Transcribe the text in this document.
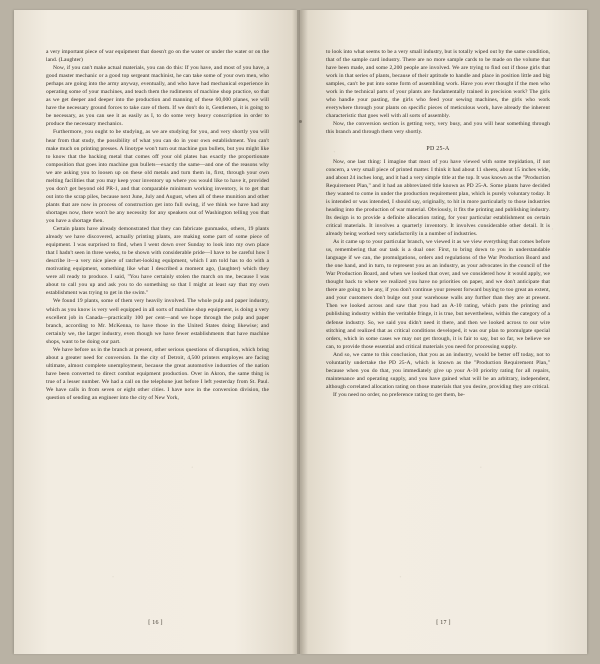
a very important piece of war equipment that doesn't go on the water or under the water or on the land. (Laughter)

Now, if you can't make actual materials, you can do this: If you have, and most of you have, a good master mechanic or a good top sergeant machinist, he can take some of your own men, who perhaps are going into the army anyway, eventually, and who have had mechanical experience in operating some of your machines, and teach them the rudiments of machine shop practice, so that as we get deeper and deeper into the production and manning of these 60,000 planes, we will have the necessary ground forces to take care of them. If we don't do it, Gentlemen, it is going to be necessary, as you can see it as easily as I, to do some very heavy conscription in order to produce the necessary mechanics.

Furthermore, you ought to be studying, as we are studying for you, and very shortly you will hear from that study, the possibility of what you can do in your own establishment. You can't make much on printing presses. A linotype won't turn out machine gun bullets, but you might like to know that the backing metal that comes off your old plates has exactly the proportionate composition that goes into machine gun bullets—exactly the same—and one of the reasons why we are asking you to loosen up on these old metals and turn them in, first, through your own melting facilities that you may keep your inventory up where you would like to have it, provided you don't get beyond old PR-1, and that comparable minimum working inventory, is to get that out into the scrap piles, because next June, July and August, when all of these munition and other plants that are now in process of construction get into full swing, if we think we have had any shortages now, there won't be any necessity for any speakers out of Washington telling you that you have a shortage then.

Certain plants have already demonstrated that they can fabricate gunmasks, others, 19 plants already we have discovered, actually printing plants, are making some part of some piece of equipment. I was surprised to find, when I went down over Sunday to look into my own place that I hadn't seen in three weeks, to be shown with considerable pride—I have to be careful how I describe it—a very nice piece of ratchet-looking equipment, which I am told has to do with a motivating equipment, something like what I described a moment ago, (laughter) which they were all ready to produce. I said, "You have certainly stolen the march on me, because I was about to call you up and ask you to do something so that I might at least say that my own establishment was trying to get in the swim."

We found 19 plants, some of them very heavily involved. The whole pulp and paper industry, which as you know is very well equipped in all sorts of machine shop equipment, is doing a very excellent job in Canada—practically 100 per cent—and we hope through the pulp and paper branch, according to Mr. McKenna, to have those in the United States doing likewise; and certainly we, the larger industry, even though we have fewer establishments that have machine shops, want to be doing our part.

We have before us in the branch at present, other serious questions of disruption, which bring about a greater need for conversion. In the city of Detroit, 4,500 printers employes are facing ultimate, almost complete unemployment, because the great automotive industries of the nation have been converted to direct combat equipment production. Over in Akron, the same thing is true of a lesser number. We had a call on the telephone just before I left yesterday from St. Paul. We have calls in from seven or eight other cities. I have now in the conversion division, the question of sending an engineer into the city of New York,

[ 16 ]

to look into what seems to be a very small industry, but is totally wiped out by the same condition, that of the sample card industry. There are no more sample cards to be made on the volume that have been made, and some 2,200 people are involved. We are trying to find out if those girls that work in that series of plants, because of their aptitude to handle and place in position little and big samples, can't be put into some form of assembling work. Have you ever thought if the men who work in the technical parts of your plants are fundamentally trained in precision work? The girls who handle your pasting, the girls who feed your sewing machines, the girls who work everywhere through your plants on specific pieces of meticulous work, have already the inherent characteristic that goes well with all sorts of assembly.

Now, the conversion section is getting very, very busy, and you will hear something through this branch and through them very shortly.

PD 25-A

Now, one last thing: I imagine that most of you have viewed with some trepidation, if not concern, a very small piece of printed matter. I think it had about 11 sheets, about 15 inches wide, and about 24 inches long, and it had a very simple title at the top. It was known as the "Production Requirement Plan," and it had an abbreviated title known as PD 25-A. Some plants have decided they wanted to come in under the production requirement plan, which is purely voluntary today. It is intended or was intended, I should say, originally, to hit in more particularly to those industries heading into the production of war material. Obviously, it fits the printing and publishing industry. Its design is to provide a definite allocation rating, for your particular establishment on certain critical materials. It involves a quarterly inventory. It involves considerable other detail. It is already being worked very satisfactorily in a number of industries.

As it came up to your particular branch, we viewed it as we view everything that comes before us, remembering that our task is a dual one: First, to bring down to you in understandable language if we can, the promulgations, orders and regulations of the War Production Board and the one hand, and in turn, to represent you as an industry, as your advocates in the council of the War Production Board, and when we looked that over, and we considered how it would apply, we thought back to where we realized you have no priorities on paper, and we don't anticipate that there are going to be any, if you don't continue your present forward buying to too great an extent, and your customers don't bulge out your warehouse walls any further than they are at present. Then we looked across and saw that you had an A-10 rating, which puts the printing and publishing industry within the veritable fringe, it is true, but nevertheless, within the category of a defense industry. So, we said you didn't need it there, and then we looked across to our wire stitching and realized that as critical conditions developed, it was our plan to promulgate special orders, which in some cases we may not get through, it is fair to say, but so far, we believe we can, to provide those essential and critical materials you need for processing supply.

And so, we came to this conclusion, that you as an industry, would be better off today, not to voluntarily undertake the PD 25-A, which is known as the "Production Requirement Plan," because when you do that, you immediately give up your A-10 priority rating for all repairs, maintenance and operating supply, and you have gained what will be an arbitrary, independent, although correlated allocation rating on those materials that you desire, providing they are critical.

If you need no order, no preference rating to get them, be-

[ 17 ]
